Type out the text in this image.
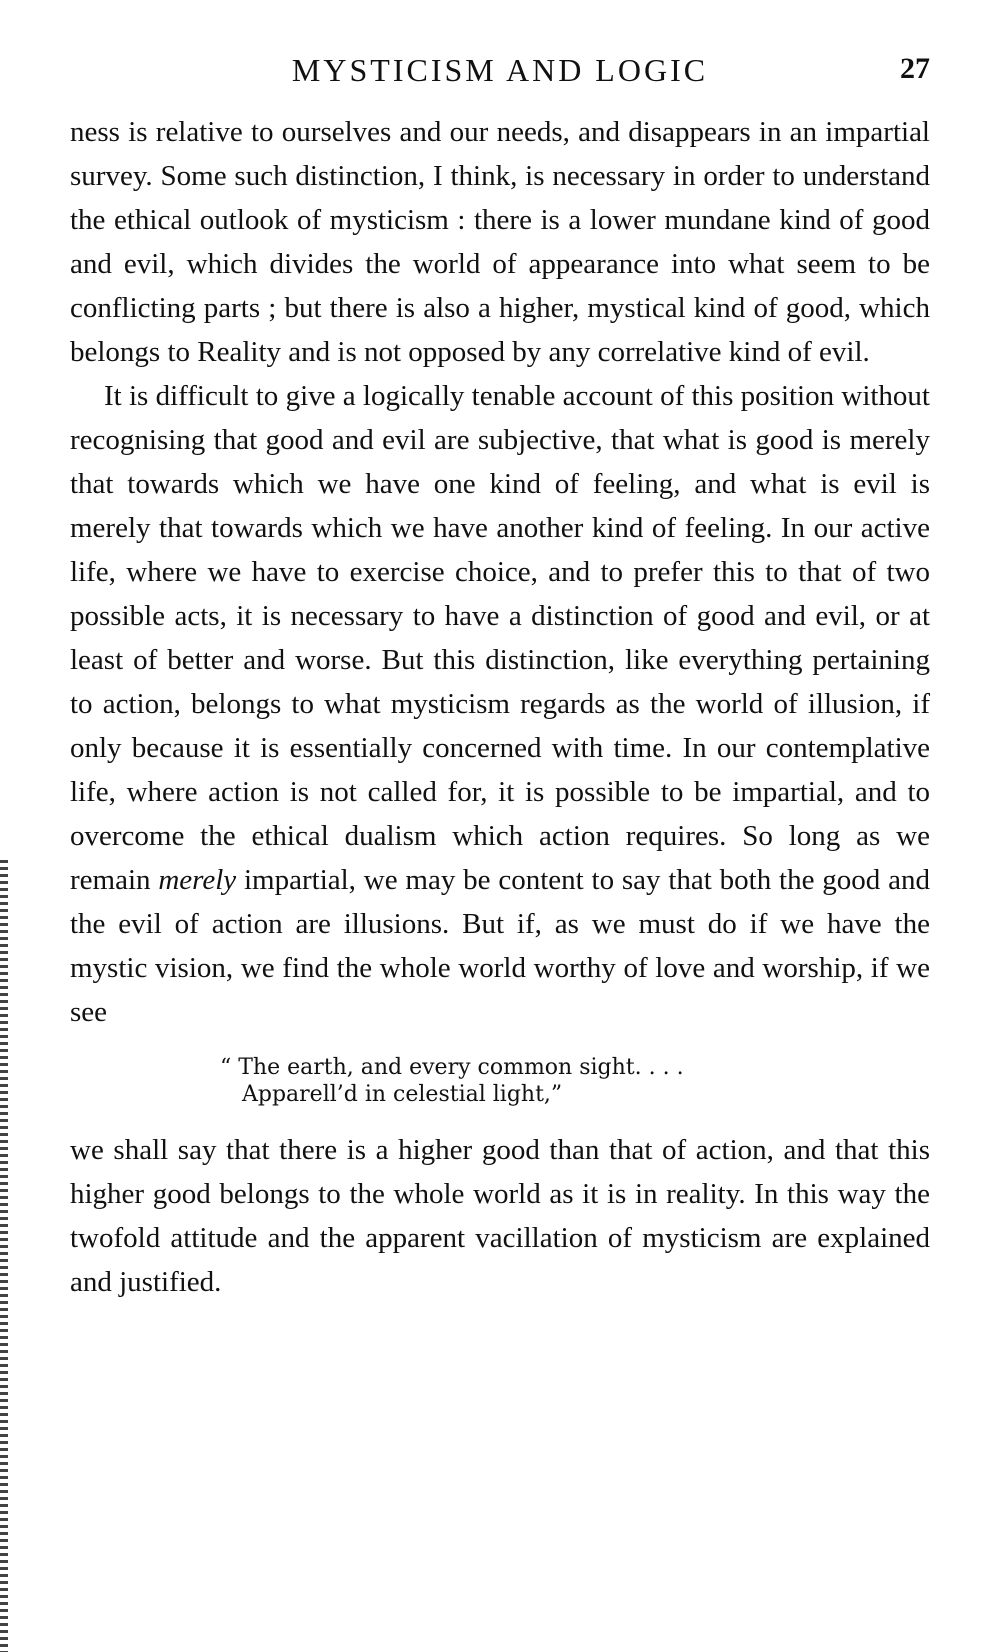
MYSTICISM AND LOGIC	27

ness is relative to ourselves and our needs, and disappears in an impartial survey. Some such distinction, I think, is necessary in order to understand the ethical outlook of mysticism : there is a lower mundane kind of good and evil, which divides the world of appearance into what seem to be conflicting parts ; but there is also a higher, mystical kind of good, which belongs to Reality and is not opposed by any correlative kind of evil.

It is difficult to give a logically tenable account of this position without recognising that good and evil are subjective, that what is good is merely that towards which we have one kind of feeling, and what is evil is merely that towards which we have another kind of feeling. In our active life, where we have to exercise choice, and to prefer this to that of two possible acts, it is necessary to have a distinction of good and evil, or at least of better and worse. But this distinction, like everything pertaining to action, belongs to what mysticism regards as the world of illusion, if only because it is essentially concerned with time. In our contemplative life, where action is not called for, it is possible to be impartial, and to overcome the ethical dualism which action requires. So long as we remain merely impartial, we may be content to say that both the good and the evil of action are illusions. But if, as we must do if we have the mystic vision, we find the whole world worthy of love and worship, if we see

“ The earth, and every common sight. . . .
Apparell’d in celestial light,”

we shall say that there is a higher good than that of action, and that this higher good belongs to the whole world as it is in reality. In this way the twofold attitude and the apparent vacillation of mysticism are explained and justified.
